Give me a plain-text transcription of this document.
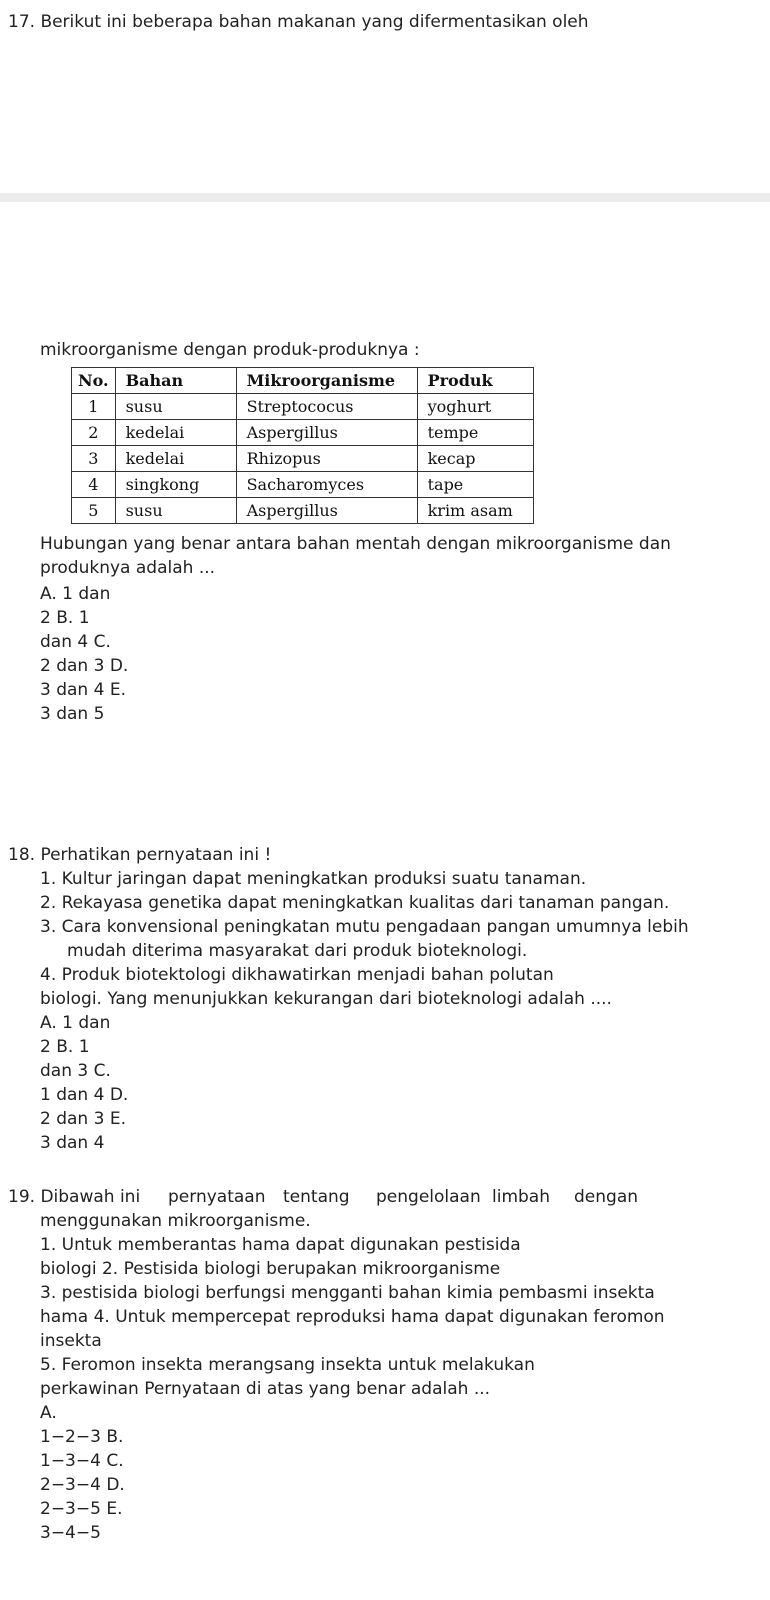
17. Berikut ini beberapa bahan makanan yang difermentasikan oleh
mikroorganisme dengan produk-produknya :
No.	Bahan	Mikroorganisme	Produk
1	susu	Streptococus	yoghurt
2	kedelai	Aspergillus	tempe
3	kedelai	Rhizopus	kecap
4	singkong	Sacharomyces	tape
5	susu	Aspergillus	krim asam
Hubungan yang benar antara bahan mentah dengan mikroorganisme dan
produknya adalah ...
A. 1 dan
2 B. 1
dan 4 C.
2 dan 3 D.
3 dan 4 E.
3 dan 5
18. Perhatikan pernyataan ini !
1. Kultur jaringan dapat meningkatkan produksi suatu tanaman.
2. Rekayasa genetika dapat meningkatkan kualitas dari tanaman pangan.
3. Cara konvensional peningkatan mutu pengadaan pangan umumnya lebih
mudah diterima masyarakat dari produk bioteknologi.
4. Produk biotektologi dikhawatirkan menjadi bahan polutan
biologi. Yang menunjukkan kekurangan dari bioteknologi adalah ....
A. 1 dan
2 B. 1
dan 3 C.
1 dan 4 D.
2 dan 3 E.
3 dan 4
19. Dibawah ini pernyataan tentang pengelolaan limbah dengan
menggunakan mikroorganisme.
1. Untuk memberantas hama dapat digunakan pestisida
biologi 2. Pestisida biologi berupakan mikroorganisme
3. pestisida biologi berfungsi mengganti bahan kimia pembasmi insekta
hama 4. Untuk mempercepat reproduksi hama dapat digunakan feromon
insekta
5. Feromon insekta merangsang insekta untuk melakukan
perkawinan Pernyataan di atas yang benar adalah ...
A.
1−2−3 B.
1−3−4 C.
2−3−4 D.
2−3−5 E.
3−4−5
